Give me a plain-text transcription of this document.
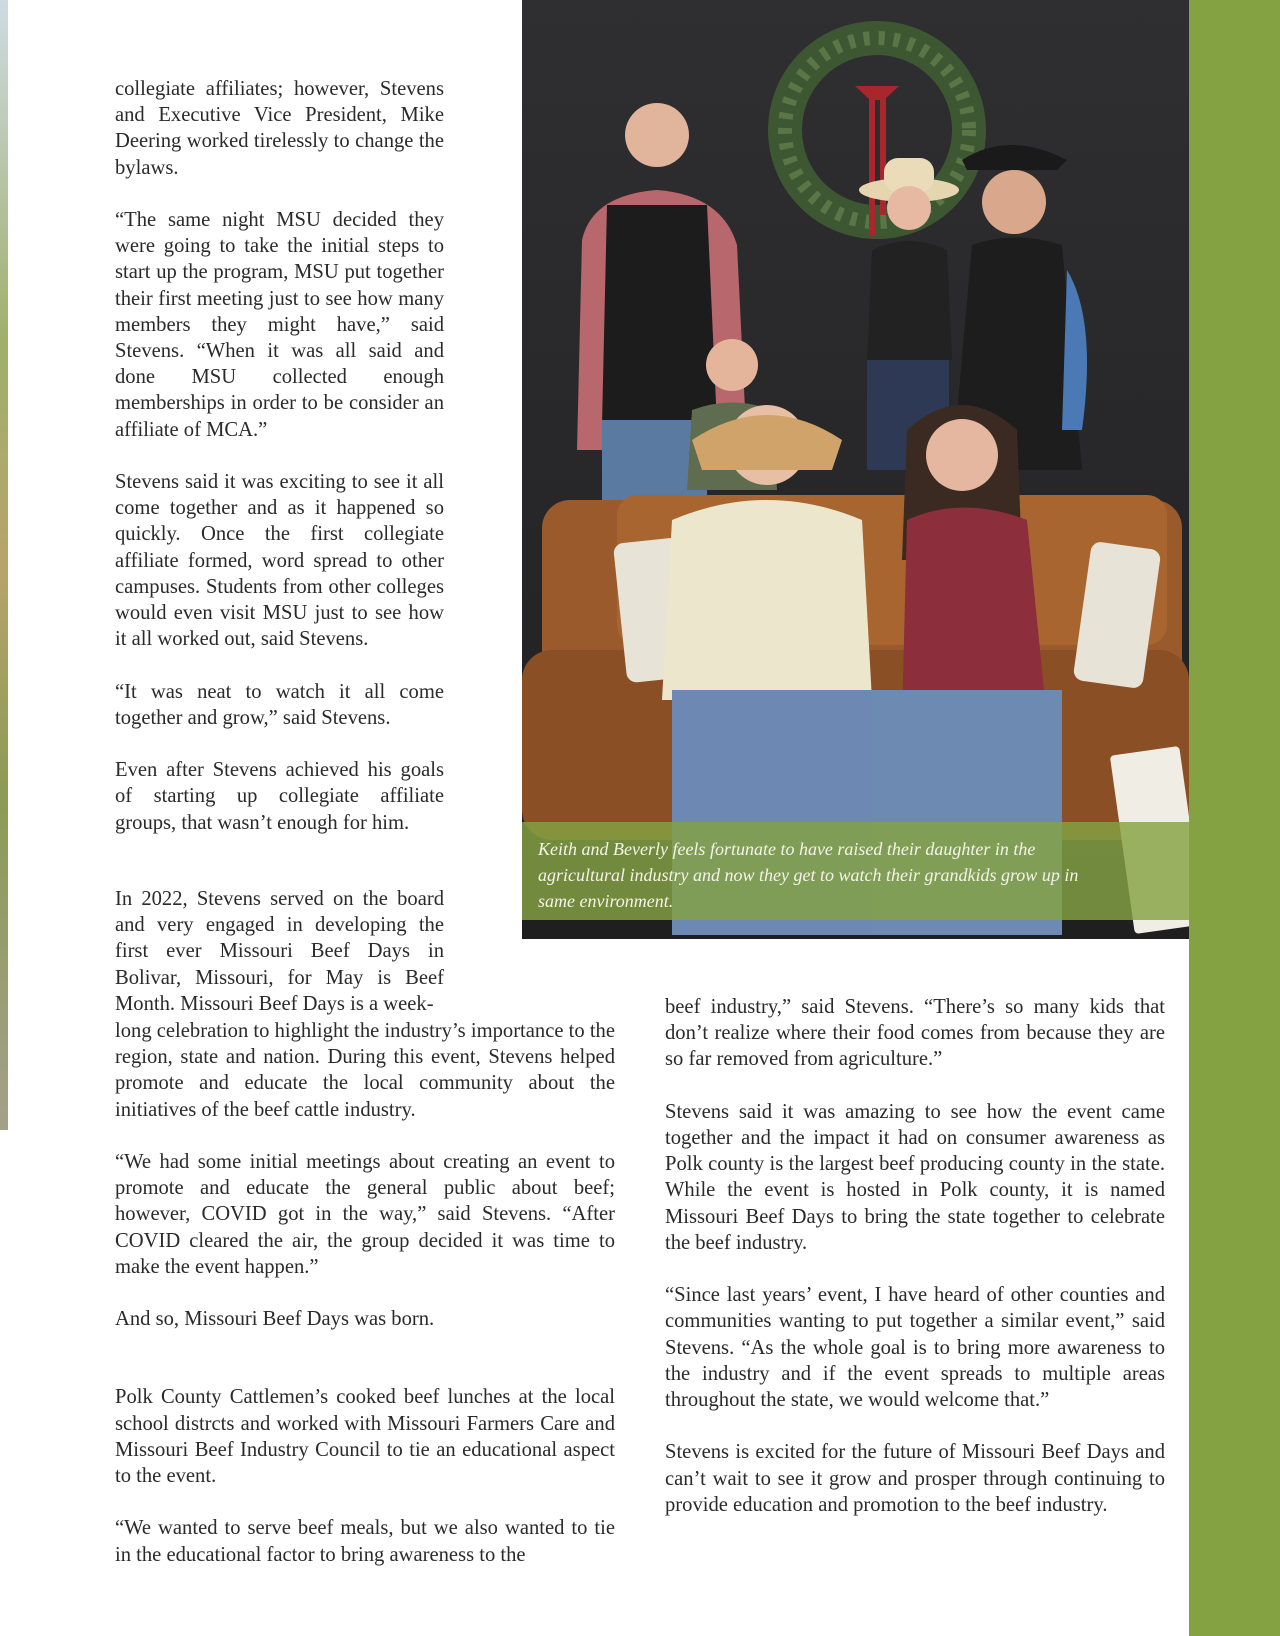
Keith and Beverly feels fortunate to have raised their daughter in the
agricultural industry and now they get to watch their grandkids grow up in
same environment.

collegiate affiliates; however, Stevens and Executive Vice President, Mike Deering worked tirelessly to change the bylaws.

“The same night MSU decided they were going to take the initial steps to start up the program, MSU put together their first meeting just to see how many members they might have,” said Stevens. “When it was all said and done MSU collected enough memberships in order to be consider an affiliate of MCA.”

Stevens said it was exciting to see it all come together and as it happened so quickly. Once the first collegiate affiliate formed, word spread to other campuses. Students from other colleges would even visit MSU just to see how it all worked out, said Stevens.

“It was neat to watch it all come together and grow,” said Stevens.

Even after Stevens achieved his goals of starting up collegiate affiliate groups, that wasn’t enough for him.

In 2022, Stevens served on the board and very engaged in developing the first ever Missouri Beef Days in Bolivar, Missouri, for May is Beef Month. Missouri Beef Days is a week-

long celebration to highlight the industry’s importance to the region, state and nation. During this event, Stevens helped promote and educate the local community about the initiatives of the beef cattle industry.

“We had some initial meetings about creating an event to promote and educate the general public about beef; however, COVID got in the way,” said Stevens. “After COVID cleared the air, the group decided it was time to make the event happen.”

And so, Missouri Beef Days was born.

Polk County Cattlemen’s cooked beef lunches at the local school distrcts and worked with Missouri Farmers Care and Missouri Beef Industry Council to tie an educational aspect to the event.

“We wanted to serve beef meals, but we also wanted to tie in the educational factor to bring awareness to the

beef industry,” said Stevens. “There’s so many kids that don’t realize where their food comes from because they are so far removed from agriculture.”

Stevens said it was amazing to see how the event came together and the impact it had on consumer awareness as Polk county is the largest beef producing county in the state. While the event is hosted in Polk county, it is named Missouri Beef Days to bring the state together to celebrate the beef industry.

“Since last years’ event, I have heard of other counties and communities wanting to put together a similar event,” said Stevens. “As the whole goal is to bring more awareness to the industry and if the event spreads to multiple areas throughout the state, we would welcome that.”

Stevens is excited for the future of Missouri Beef Days and can’t wait to see it grow and prosper through continuing to provide education and promotion to the beef industry.
